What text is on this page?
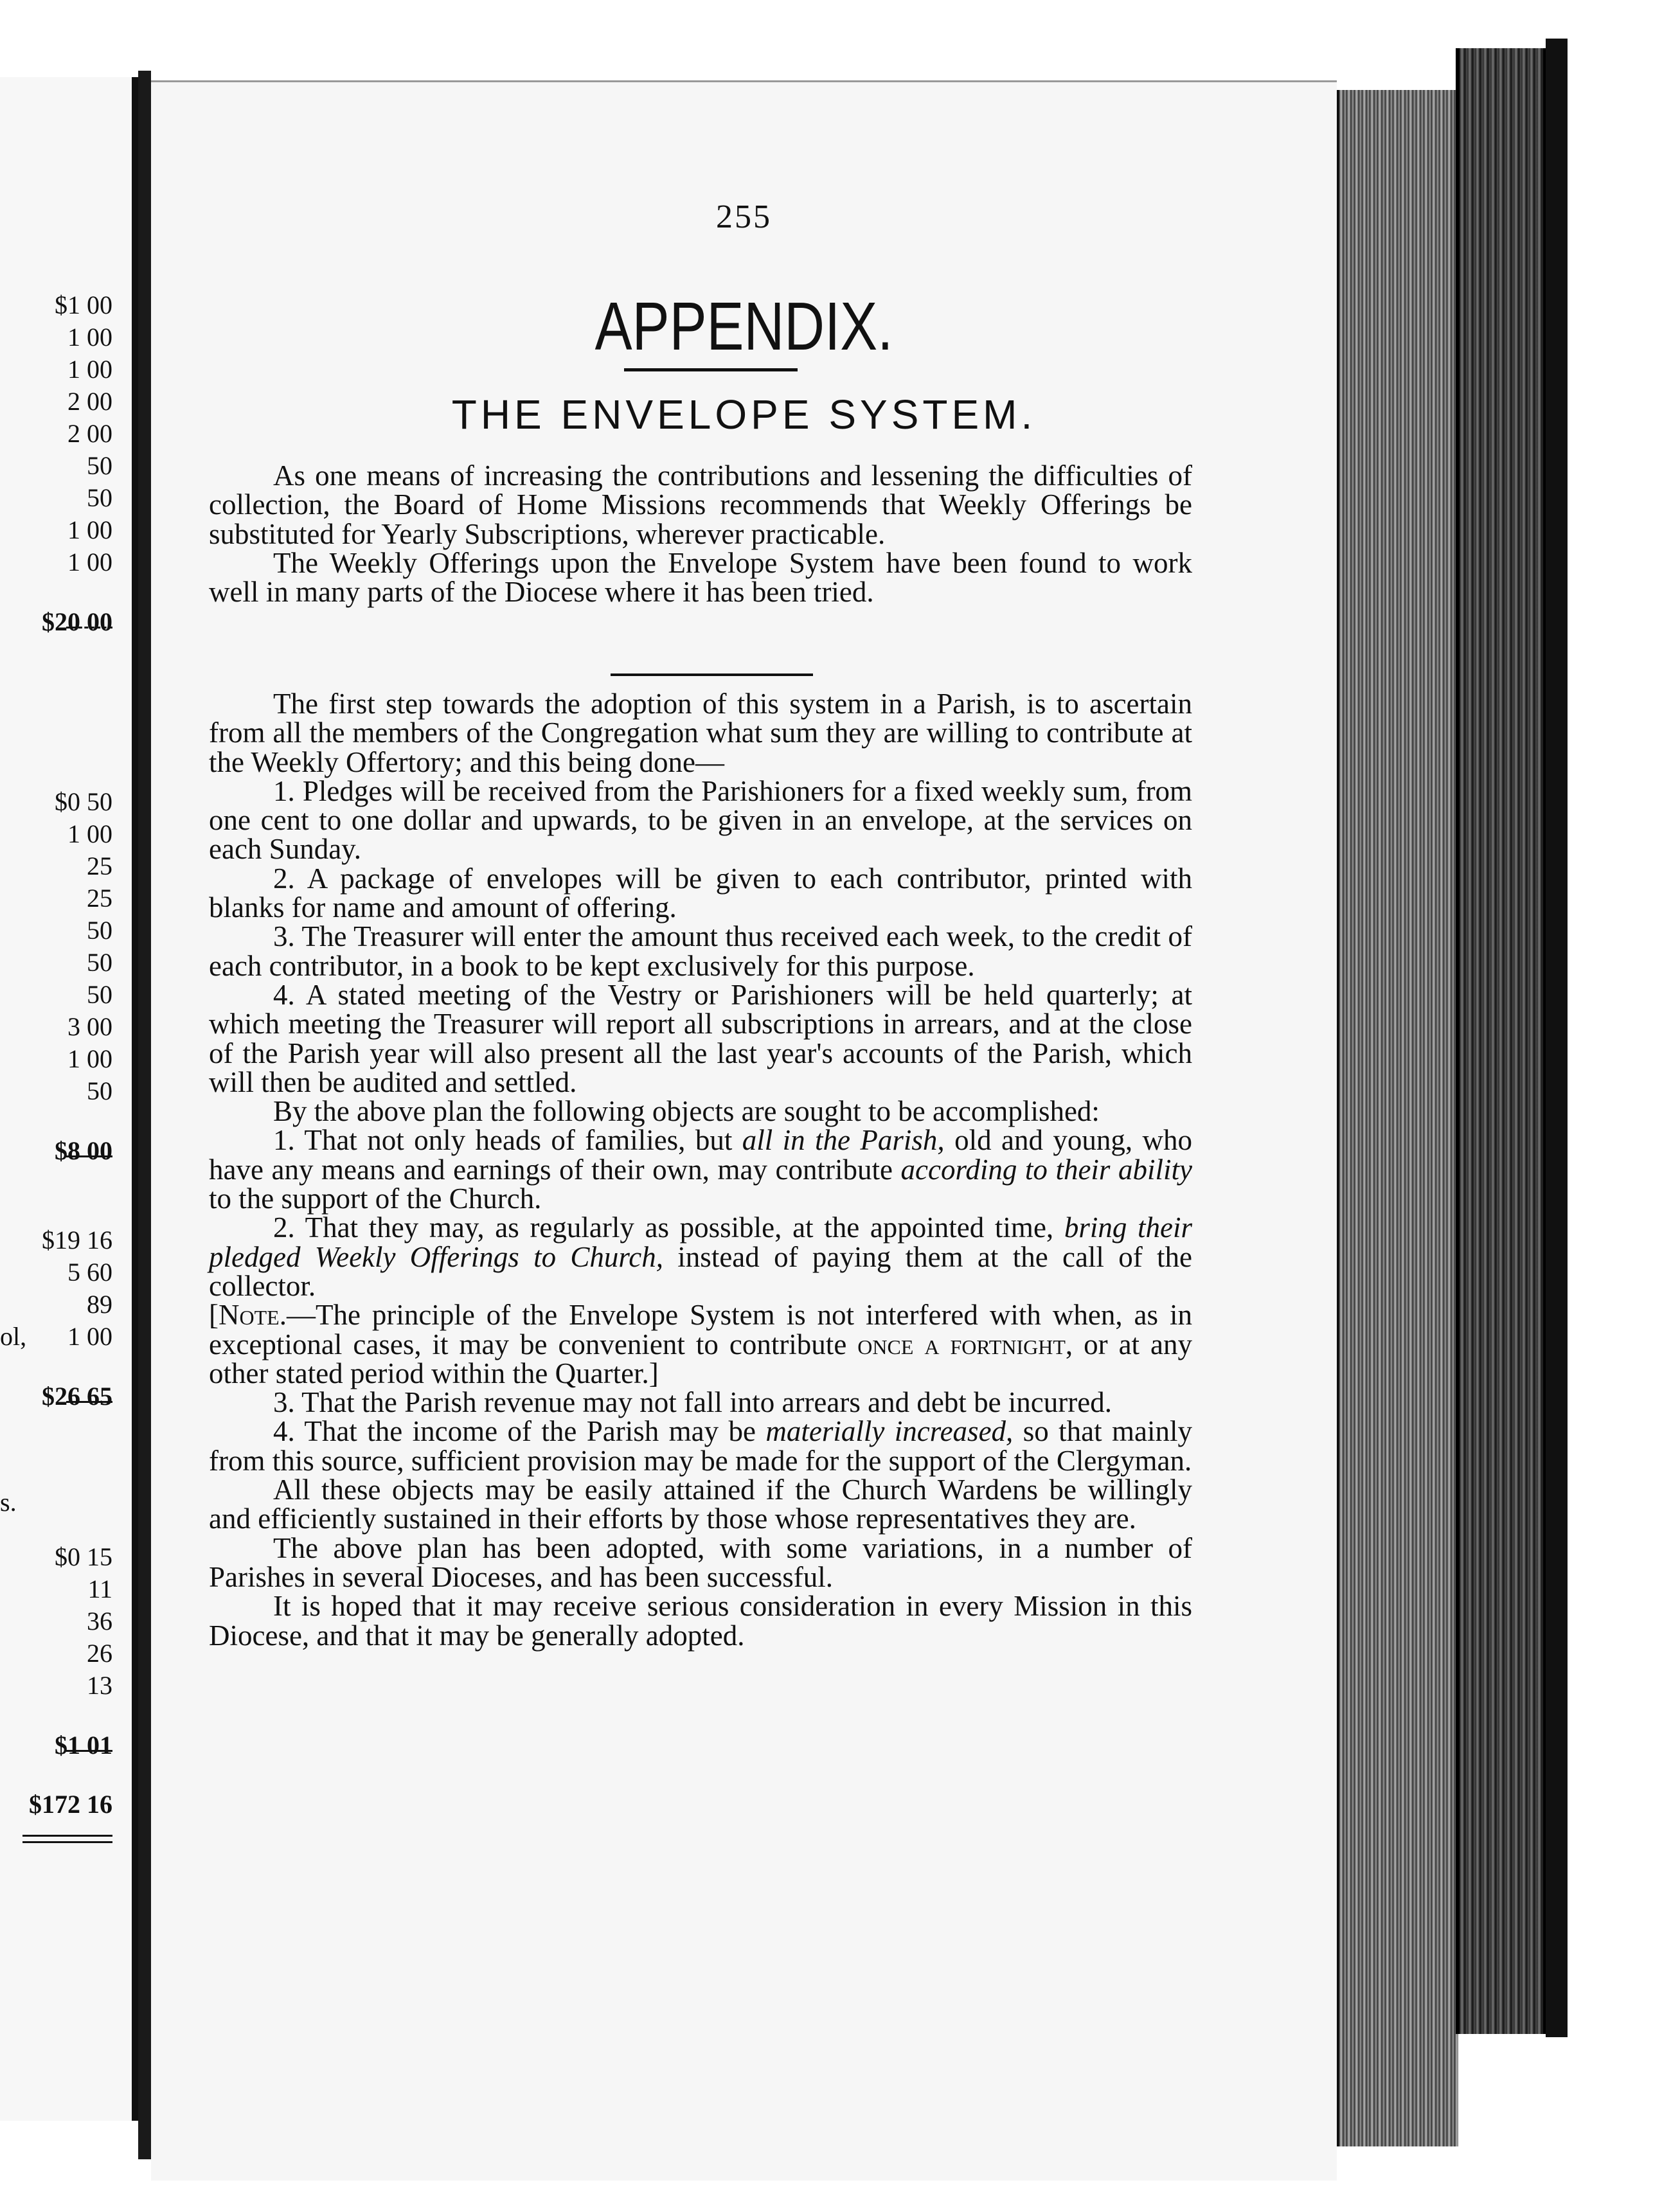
$1 00
1 00
1 00
2 00
2 00
50
50
1 00
1 00
$20 00
$0 50
1 00
25
25
50
50
50
3 00
1 00
50
$8 00
$19 16
5 60
89
1 00
$26 65
$0 15
11
36
26
13
$1 01
$172 16
ol,
s.
255
APPENDIX.
THE ENVELOPE SYSTEM.

As one means of increasing the contributions and lessening the difficulties of collection, the Board of Home Missions recommends that Weekly Offerings be substituted for Yearly Subscriptions, wherever practicable.

The Weekly Offerings upon the Envelope System have been found to work well in many parts of the Diocese where it has been tried.

The first step towards the adoption of this system in a Parish, is to ascertain from all the members of the Congregation what sum they are willing to contribute at the Weekly Offertory; and this being done—

1. Pledges will be received from the Parishioners for a fixed weekly sum, from one cent to one dollar and upwards, to be given in an envelope, at the services on each Sunday.

2. A package of envelopes will be given to each contributor, printed with blanks for name and amount of offering.

3. The Treasurer will enter the amount thus received each week, to the credit of each contributor, in a book to be kept exclusively for this purpose.

4. A stated meeting of the Vestry or Parishioners will be held quarterly; at which meeting the Treasurer will report all subscriptions in arrears, and at the close of the Parish year will also present all the last year's accounts of the Parish, which will then be audited and settled.

By the above plan the following objects are sought to be accomplished:

1. That not only heads of families, but all in the Parish, old and young, who have any means and earnings of their own, may contribute according to their ability to the support of the Church.

2. That they may, as regularly as possible, at the appointed time, bring their pledged Weekly Offerings to Church, instead of paying them at the call of the collector.

[Note.—The principle of the Envelope System is not interfered with when, as in exceptional cases, it may be convenient to contribute once a fortnight, or at any other stated period within the Quarter.]

3. That the Parish revenue may not fall into arrears and debt be incurred.

4. That the income of the Parish may be materially increased, so that mainly from this source, sufficient provision may be made for the support of the Clergyman.

All these objects may be easily attained if the Church Wardens be willingly and efficiently sustained in their efforts by those whose representatives they are.

The above plan has been adopted, with some variations, in a number of Parishes in several Dioceses, and has been successful.

It is hoped that it may receive serious consideration in every Mission in this Diocese, and that it may be generally adopted.
